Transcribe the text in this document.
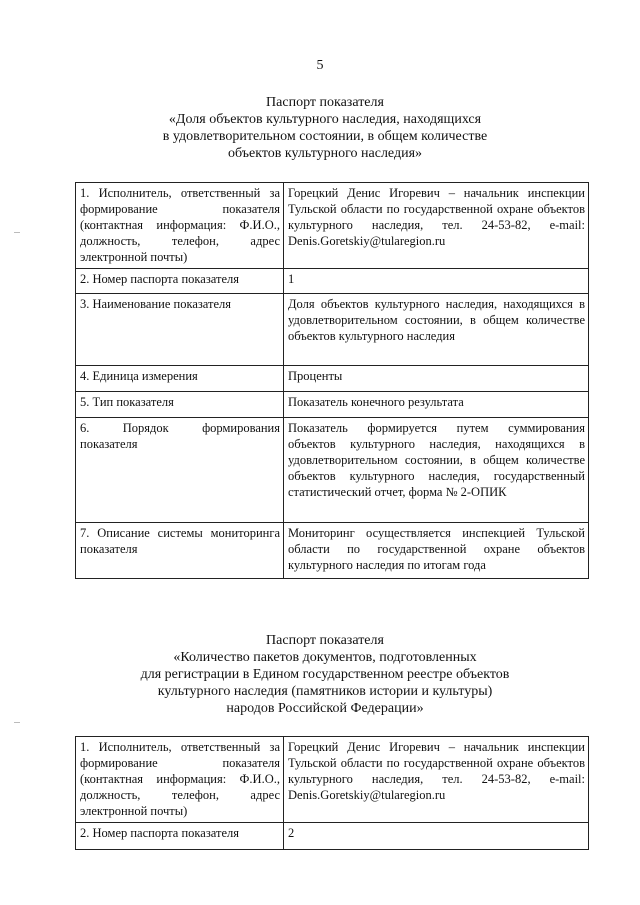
5
Паспорт показателя
«Доля объектов культурного наследия, находящихся
в удовлетворительном состоянии, в общем количестве
объектов культурного наследия»
1. Исполнитель, ответственный за формирование показателя (контактная информация: Ф.И.О., должность, телефон, адрес электронной почты)	Горецкий Денис Игоревич – начальник инспекции Тульской области по государственной охране объектов культурного наследия, тел. 24-53-82, e-mail: Denis.Goretskiy@tularegion.ru
2. Номер паспорта показателя	1
3. Наименование показателя	Доля объектов культурного наследия, находящихся в удовлетворительном состоянии, в общем количестве объектов культурного наследия
4. Единица измерения	Проценты
5. Тип показателя	Показатель конечного результата
6. Порядок формирования показателя	Показатель формируется путем суммирования объектов культурного наследия, находящихся в удовлетворительном состоянии, в общем количестве объектов культурного наследия, государственный статистический отчет, форма № 2-ОПИК
7. Описание системы мониторинга показателя	Мониторинг осуществляется инспекцией Тульской области по государственной охране объектов культурного наследия по итогам года
Паспорт показателя
«Количество пакетов документов, подготовленных
для регистрации в Едином государственном реестре объектов
культурного наследия (памятников истории и культуры)
народов Российской Федерации»
1. Исполнитель, ответственный за формирование показателя (контактная информация: Ф.И.О., должность, телефон, адрес электронной почты)	Горецкий Денис Игоревич – начальник инспекции Тульской области по государственной охране объектов культурного наследия, тел. 24-53-82, e-mail: Denis.Goretskiy@tularegion.ru
2. Номер паспорта показателя	2
